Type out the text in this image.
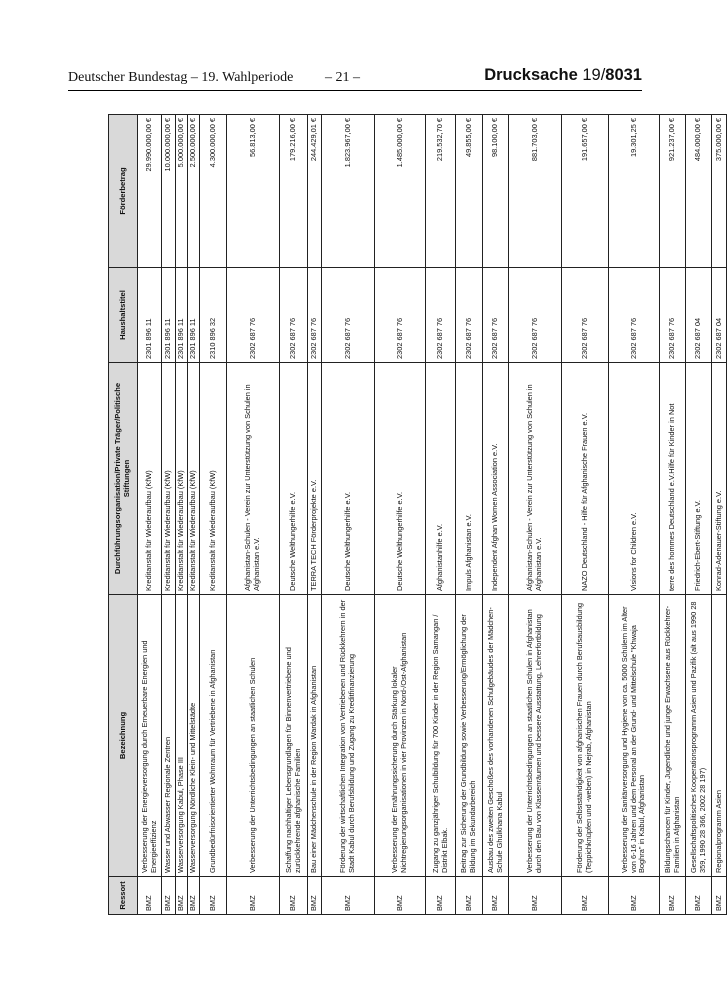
Deutscher Bundestag – 19. Wahlperiode – 21 –	Drucksache 19/8031
Ressort	Bezeichnung	Durchführungsorganisation/Private Träger/Politische Stiftungen	Haushaltstitel	Förderbetrag
BMZ	Verbesserung der Energieversorgung durch Erneuerbare Energien und Energieeffizienz	Kreditanstalt für Wiederaufbau (KfW)	2301 896 11	29.990.000,00 €
BMZ	Wasser und Abwasser Regionale Zentren	Kreditanstalt für Wiederaufbau (KfW)	2301 896 11	10.000.000,00 €
BMZ	Wasserversorgung Kabul, Phase III	Kreditanstalt für Wiederaufbau (KfW)	2301 896 11	5.000.000,00 €
BMZ	Wasserversorgung Nördliche Klein- und Mittelstädte	Kreditanstalt für Wiederaufbau (KfW)	2301 896 11	2.500.000,00 €
BMZ	Grundbedürfnisorientierter Wohnraum für Vertriebene in Afghanistan	Kreditanstalt für Wiederaufbau (KfW)	2310 896 32	4.300.000,00 €
BMZ	Verbesserung der Unterrichtsbedingungen an staatlichen Schulen	Afghanistan-Schulen - Verein zur Unterstützung von Schulen in Afghanistan e.V.	2302 687 76	56.813,00 €
BMZ	Schaffung nachhaltiger Lebensgrundlagen für Binnenvertriebene und zurückkehrende afghanische Familien	Deutsche Welthungerhilfe e.V.	2302 687 76	179.216,00 €
BMZ	Bau einer Mädchenschule in der Region Wardak in Afghanistan	TERRA TECH Förderprojekte e.V.	2302 687 76	244.429,01 €
BMZ	Förderung der wirtschaftlichen Integration von Vertriebenen und Rückkehrern in der Stadt Kabul durch Berufsbildung und Zugang zu Kreditfinanzierung	Deutsche Welthungerhilfe e.V.	2302 687 76	1.823.967,00 €
BMZ	Verbesserung der Ernährungssicherung durch Stärkung lokaler Nichtregierungsorganisationen in vier Provinzen in Nord-/Ost-Afghanistan	Deutsche Welthungerhilfe e.V.	2302 687 76	1.485.000,00 €
BMZ	Zugang zu ganzjähriger Schulbildung für 700 Kinder in der Region Samangan / Distrikt Elbak.	Afghanistanhilfe e.V.	2302 687 76	219.532,70 €
BMZ	Beitrag zur Sicherung der Grundbildung sowie Verbesserung/Ermöglichung der Bildung im Sekundarbereich	Impuls Afghanistan e.V.	2302 687 76	49.855,00 €
BMZ	Ausbau des zweiten Geschoßes des vorhandenen Schulgebäudes der Mädchen- Schule Ghulkhana Kabul	Independent Afghan Women Association e.V.	2302 687 76	98.100,00 €
BMZ	Verbesserung der Unterrichtsbedingungen an staatlichen Schulen in Afghanistan durch den Bau von Klassenräumen und bessere Ausstattung, Lehrerfortbildung	Afghanistan-Schulen - Verein zur Unterstützung von Schulen in Afghanistan e.V.	2302 687 76	881.703,00 €
BMZ	Förderung der Selbstständigkeit von afghanischen Frauen durch Berufsausbildung (Teppichknüpfen und -weben) in Nejrab, Afghanistan	NAZO Deutschland - Hilfe für Afghanische Frauen e.V.	2302 687 76	191.657,00 €
BMZ	Verbesserung der Sanitärversorgung und Hygiene von ca. 5000 Schülern im Alter von 6-16 Jahren und dem Personal an der Grund- und Mittelschule "Khwaja Boghra" in Kabul, Afghanistan	Visions for Children e.V.	2302 687 76	19.301,25 €
BMZ	Bildungschancen für Kinder, Jugendliche und junge Erwachsene aus Rückkehrer-Familien in Afghanistan	terre des hommes Deutschland e.V.Hilfe für Kinder in Not	2302 687 76	921.237,00 €
BMZ	Gesellschaftspolitisches Kooperationsprogramm Asien und Pazifik (alt aus 1990 28 359, 1990 28 366, 2002 28 197)	Friedrich-Ebert-Stiftung e.V.	2302 687 04	484.000,00 €
BMZ	Regionalprogramm Asien	Konrad-Adenauer-Stiftung e.V.	2302 687 04	375.000,00 €
